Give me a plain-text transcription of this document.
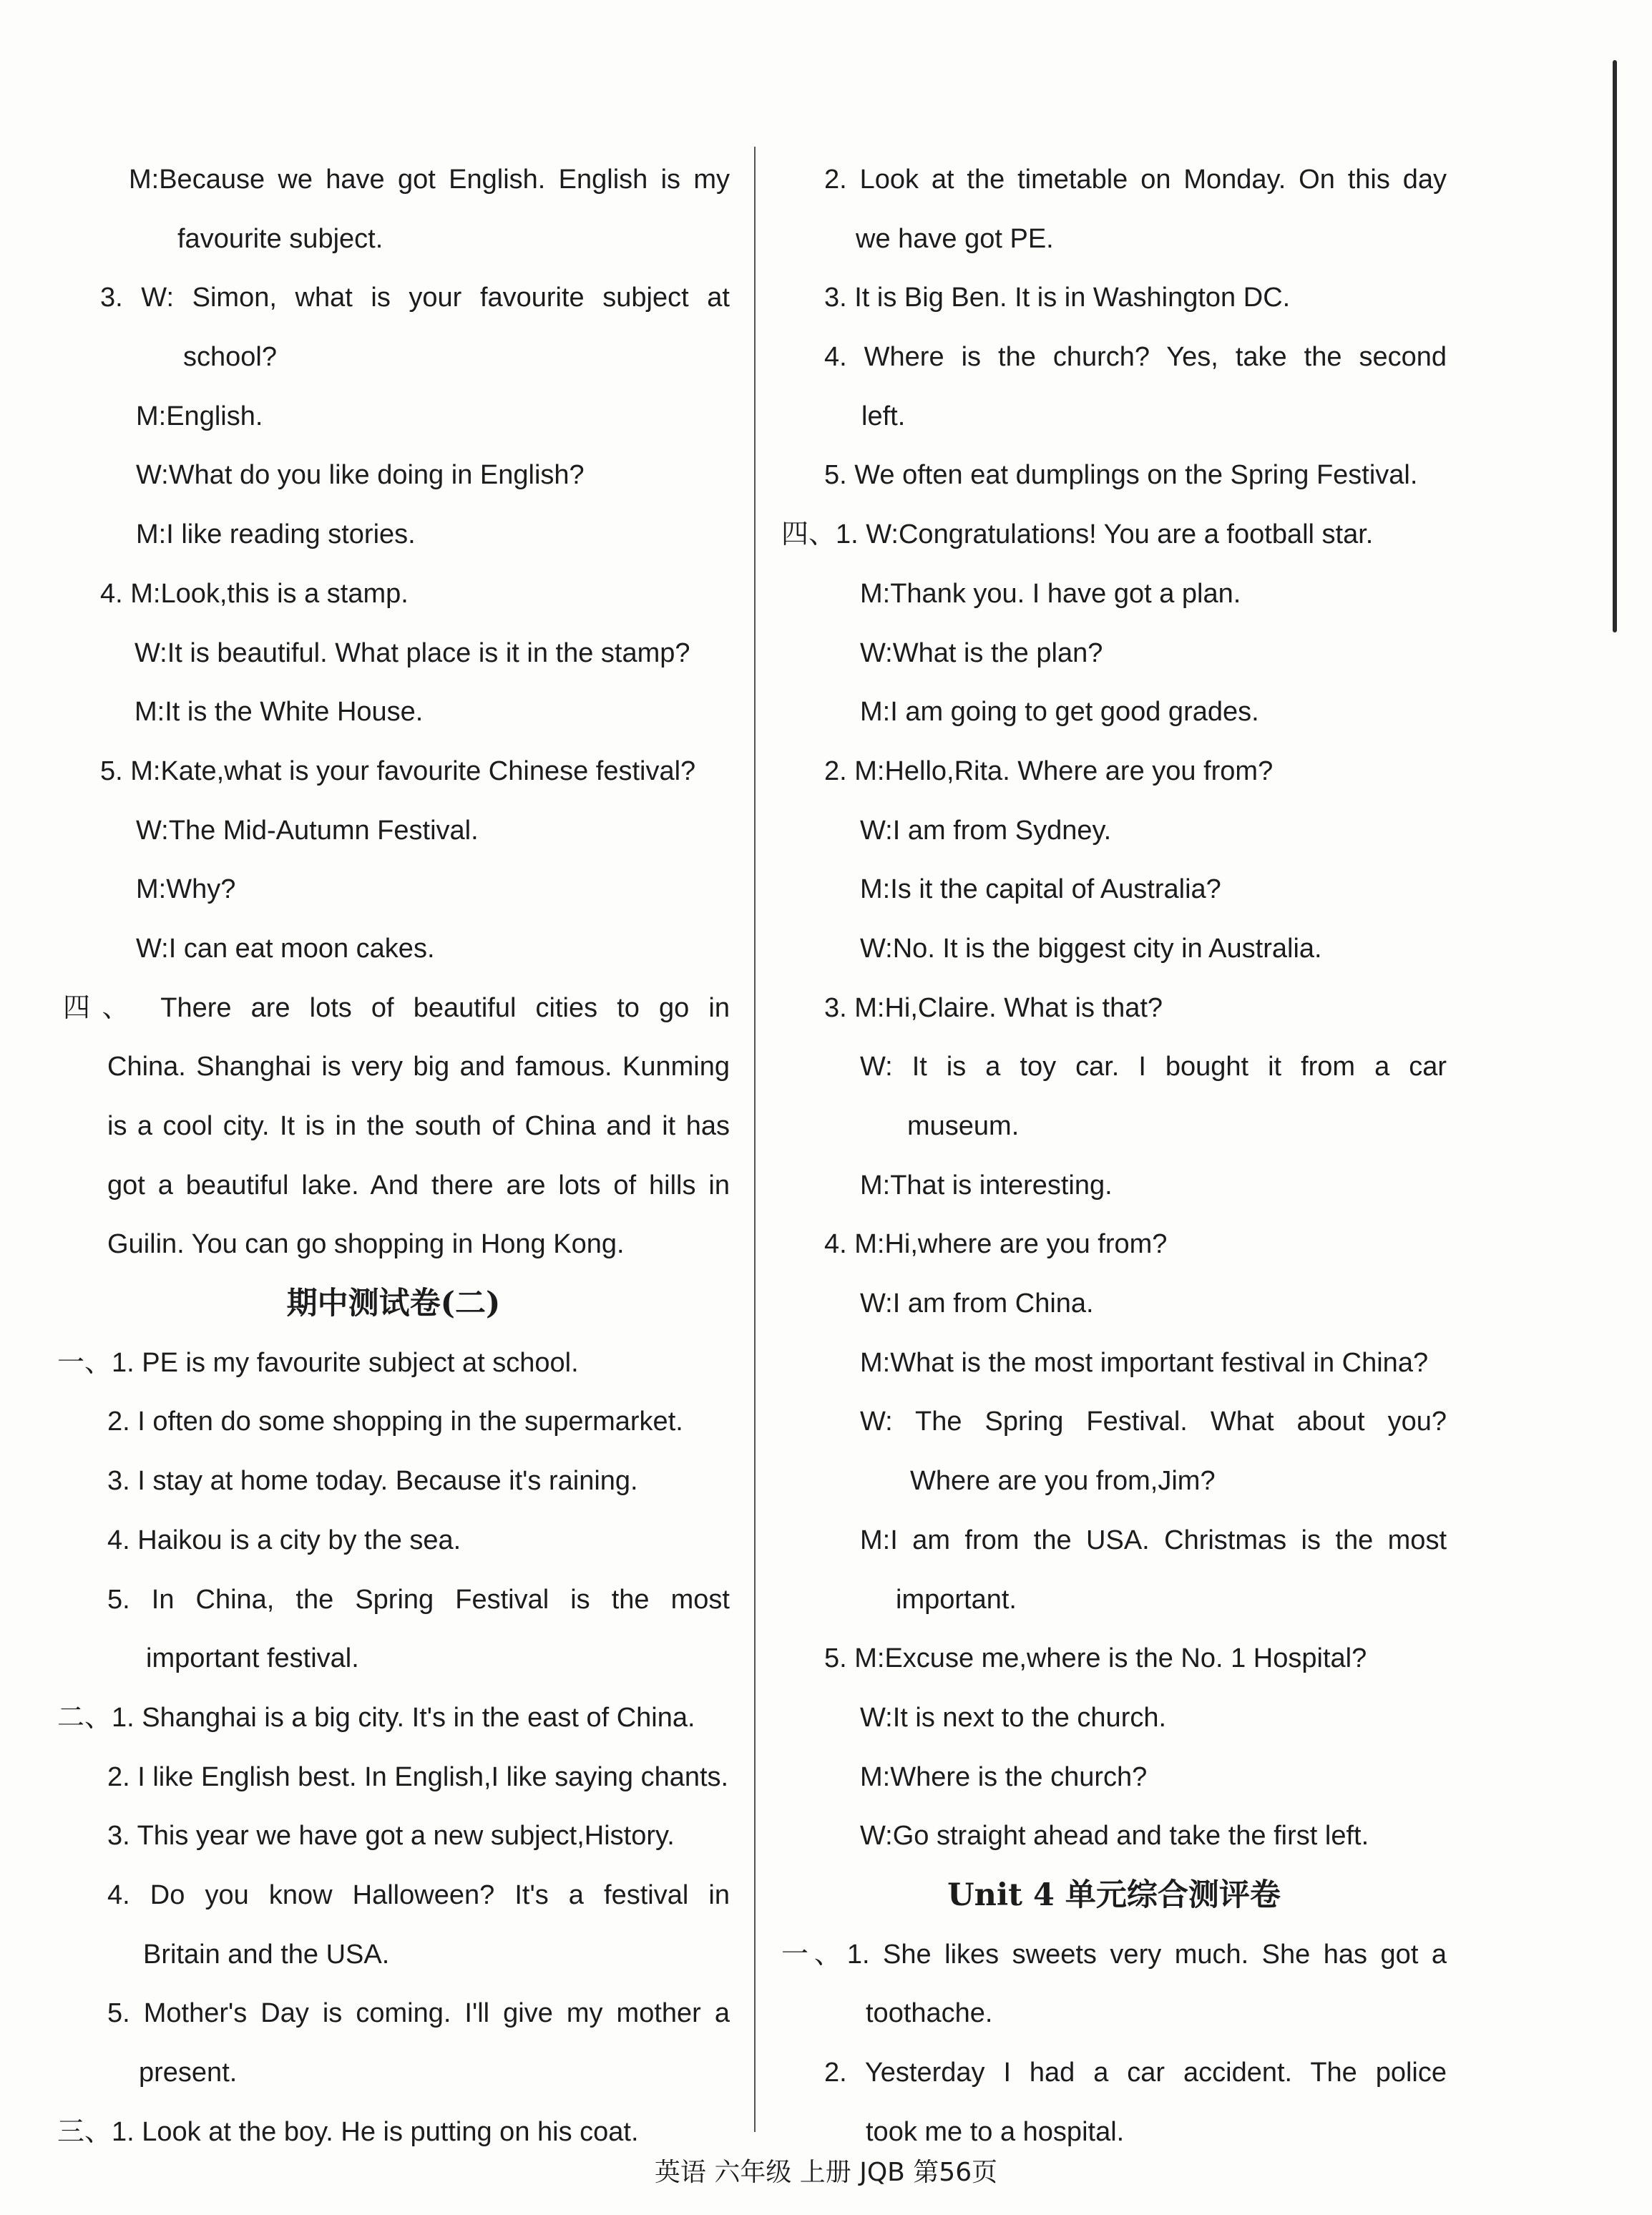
M:Because we have got English. English is my
favourite subject.
3. W: Simon, what is your favourite subject at
school?
M:English.
W:What do you like doing in English?
M:I like reading stories.
4. M:Look,this is a stamp.
W:It is beautiful. What place is it in the stamp?
M:It is the White House.
5. M:Kate,what is your favourite Chinese festival?
W:The Mid-Autumn Festival.
M:Why?
W:I can eat moon cakes.
四、 There are lots of beautiful cities to go in
China. Shanghai is very big and famous. Kunming
is a cool city. It is in the south of China and it has
got a beautiful lake. And there are lots of hills in
Guilin. You can go shopping in Hong Kong.
期中测试卷(二)
一、1. PE is my favourite subject at school.
2. I often do some shopping in the supermarket.
3. I stay at home today. Because it's raining.
4. Haikou is a city by the sea.
5. In China, the Spring Festival is the most
important festival.
二、1. Shanghai is a big city. It's in the east of China.
2. I like English best. In English,I like saying chants.
3. This year we have got a new subject,History.
4. Do you know Halloween? It's a festival in
Britain and the USA.
5. Mother's Day is coming. I'll give my mother a
present.
三、1. Look at the boy. He is putting on his coat.
2. Look at the timetable on Monday. On this day
we have got PE.
3. It is Big Ben. It is in Washington DC.
4. Where is the church? Yes, take the second
left.
5. We often eat dumplings on the Spring Festival.
四、1. W:Congratulations! You are a football star.
M:Thank you. I have got a plan.
W:What is the plan?
M:I am going to get good grades.
2. M:Hello,Rita. Where are you from?
W:I am from Sydney.
M:Is it the capital of Australia?
W:No. It is the biggest city in Australia.
3. M:Hi,Claire. What is that?
W: It is a toy car. I bought it from a car
museum.
M:That is interesting.
4. M:Hi,where are you from?
W:I am from China.
M:What is the most important festival in China?
W: The Spring Festival. What about you?
Where are you from,Jim?
M:I am from the USA. Christmas is the most
important.
5. M:Excuse me,where is the No. 1 Hospital?
W:It is next to the church.
M:Where is the church?
W:Go straight ahead and take the first left.
Unit 4 单元综合测评卷
一、1. She likes sweets very much. She has got a
toothache.
2. Yesterday I had a car accident. The police
took me to a hospital.
英语 六年级 上册 JQB 第56页
